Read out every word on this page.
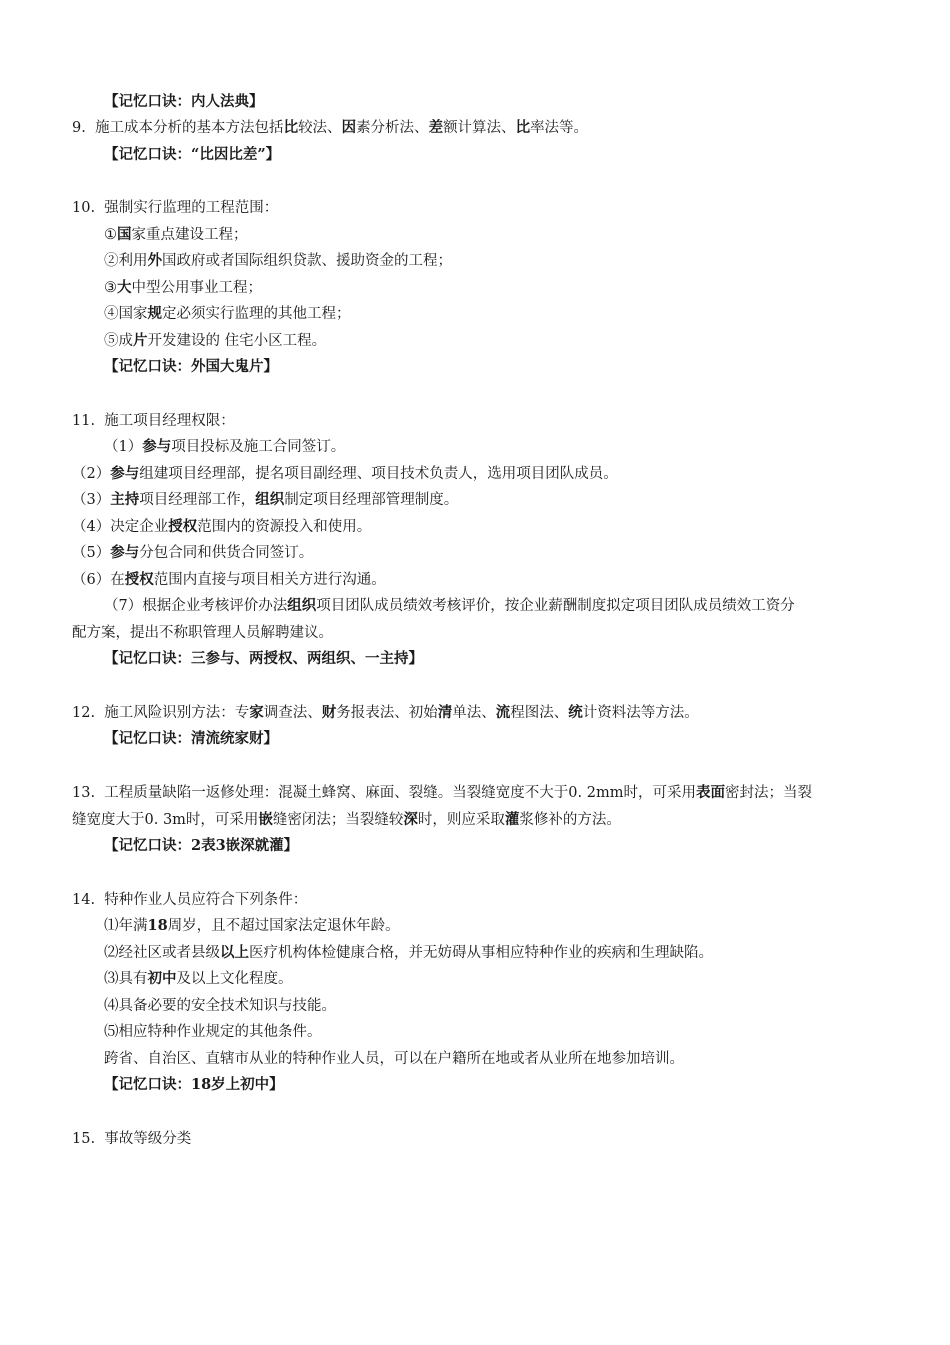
【记忆口诀：内人法典】
9. 施工成本分析的基本方法包括比较法、因素分析法、差额计算法、比率法等。
【记忆口诀：“比因比差”】
10. 强制实行监理的工程范围：
①国家重点建设工程；
②利用外国政府或者国际组织贷款、援助资金的工程；
③大中型公用事业工程；
④国家规定必须实行监理的其他工程；
⑤成片开发建设的 住宅小区工程。
【记忆口诀：外国大鬼片】
11. 施工项目经理权限：
（1）参与项目投标及施工合同签订。
（2）参与组建项目经理部，提名项目副经理、项目技术负责人，选用项目团队成员。
（3）主持项目经理部工作，组织制定项目经理部管理制度。
（4）决定企业授权范围内的资源投入和使用。
（5）参与分包合同和供货合同签订。
（6）在授权范围内直接与项目相关方进行沟通。
（7）根据企业考核评价办法组织项目团队成员绩效考核评价，按企业薪酬制度拟定项目团队成员绩效工资分
配方案，提出不称职管理人员解聘建议。
【记忆口诀：三参与、两授权、两组织、一主持】
12. 施工风险识别方法：专家调查法、财务报表法、初始清单法、流程图法、统计资料法等方法。
【记忆口诀：清流统家财】
13. 工程质量缺陷一返修处理：混凝土蜂窝、麻面、裂缝。当裂缝宽度不大于0. 2mm时，可采用表面密封法；当裂
缝宽度大于0. 3m时，可采用嵌缝密闭法；当裂缝较深时，则应采取灌浆修补的方法。
【记忆口诀：2表3嵌深就灌】
14. 特种作业人员应符合下列条件：
⑴年满18周岁，且不超过国家法定退休年龄。
⑵经社区或者县级以上医疗机构体检健康合格，并无妨碍从事相应特种作业的疾病和生理缺陷。
⑶具有初中及以上文化程度。
⑷具备必要的安全技术知识与技能。
⑸相应特种作业规定的其他条件。
跨省、自治区、直辖市从业的特种作业人员，可以在户籍所在地或者从业所在地参加培训。
【记忆口诀：18岁上初中】
15. 事故等级分类
